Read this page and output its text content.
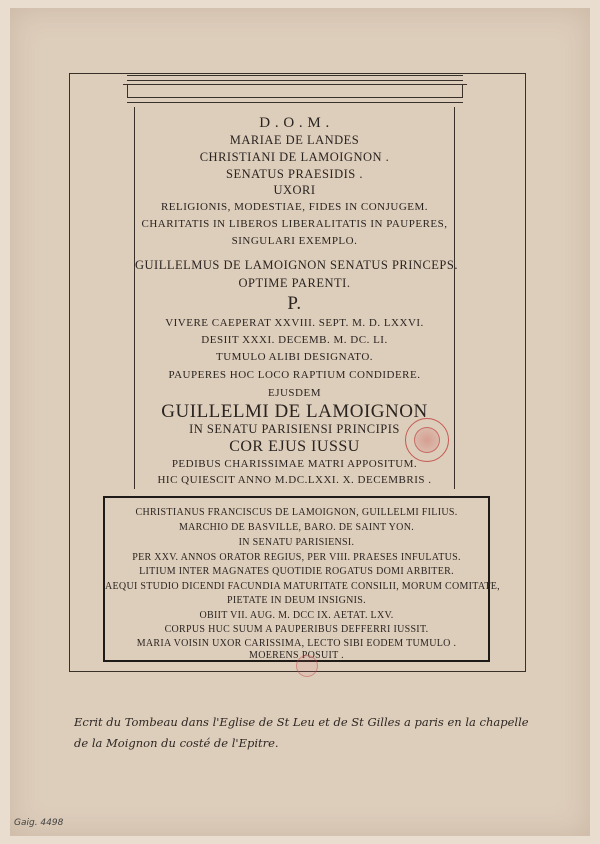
D . O . M .
MARIAE DE LANDES
CHRISTIANI DE LAMOIGNON .
SENATUS PRAESIDIS .
UXORI
RELIGIONIS, MODESTIAE, FIDES IN CONJUGEM.
CHARITATIS IN LIBEROS LIBERALITATIS IN PAUPERES,
SINGULARI EXEMPLO.
GUILLELMUS DE LAMOIGNON SENATUS PRINCEPS.
OPTIME PARENTI.
P.
VIVERE CAEPERAT XXVIII. SEPT. M. D. LXXVI.
DESIIT XXXI. DECEMB. M. DC. LI.
TUMULO ALIBI DESIGNATO.
PAUPERES HOC LOCO RAPTIUM CONDIDERE.
EJUSDEM
GUILLELMI DE LAMOIGNON
IN SENATU PARISIENSI PRINCIPIS
COR EJUS IUSSU
PEDIBUS CHARISSIMAE MATRI APPOSITUM.
HIC QUIESCIT ANNO M.DC.LXXI. X. DECEMBRIS .
CHRISTIANUS FRANCISCUS DE LAMOIGNON, GUILLELMI FILIUS.
MARCHIO DE BASVILLE, BARO. DE SAINT YON.
IN SENATU PARISIENSI.
PER XXV. ANNOS ORATOR REGIUS, PER VIII. PRAESES INFULATUS.
LITIUM INTER MAGNATES QUOTIDIE ROGATUS DOMI ARBITER.
AEQUI STUDIO DICENDI FACUNDIA MATURITATE CONSILII, MORUM COMITATE,
PIETATE IN DEUM INSIGNIS.
OBIIT VII. AUG. M. DCC IX. AETAT. LXV.
CORPUS HUC SUUM A PAUPERIBUS DEFFERRI IUSSIT.
MARIA VOISIN UXOR CARISSIMA, LECTO SIBI EODEM TUMULO .
MOERENS POSUIT .
Ecrit du Tombeau dans l'Eglise de St Leu et de St Gilles a paris en la chapelle
de la Moignon du costé de l'Epitre.
Gaig. 4498
